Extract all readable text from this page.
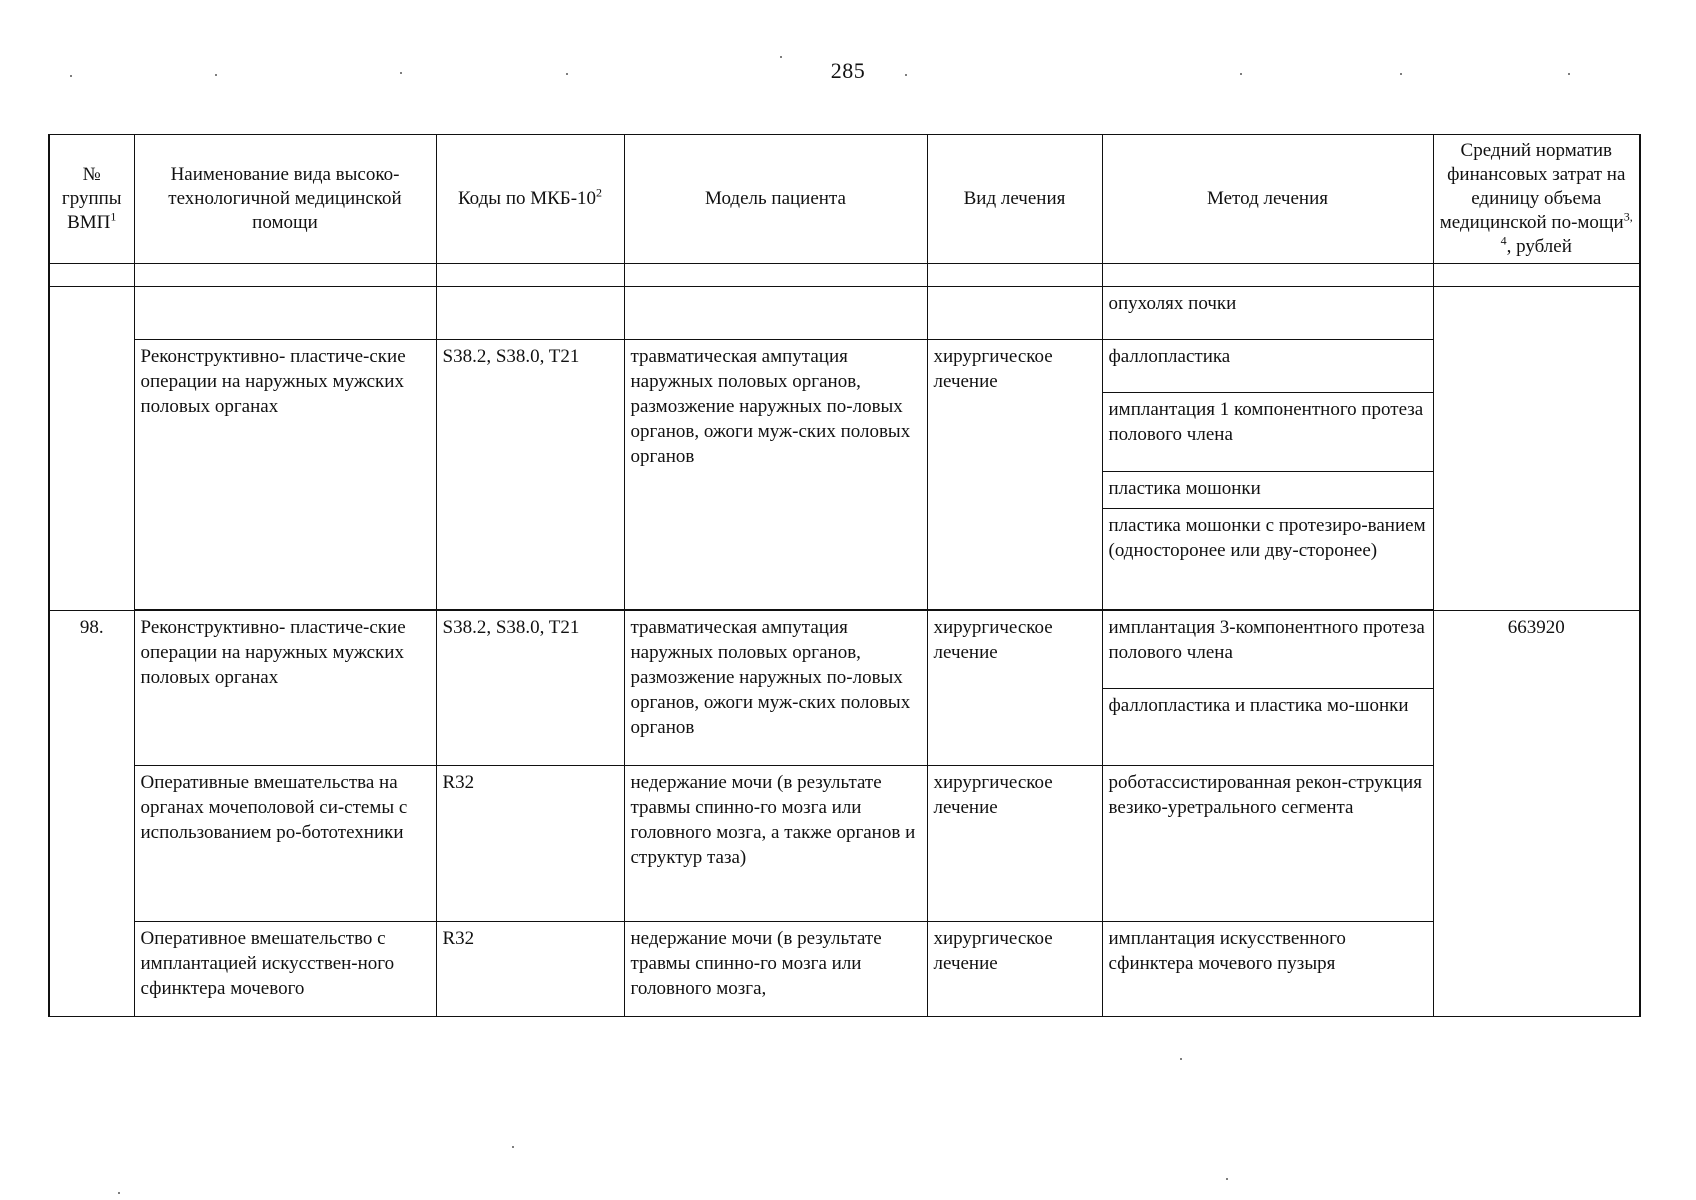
285
№ группы ВМП$^1$	Наименование вида высоко-технологичной медицинской помощи	Коды по МКБ-$10^2$	Модель пациента	Вид лечения	Метод лечения	Средний норматив финансовых затрат на единицу объема медицинской по-мощи$^{3, 4}$, рублей

					опухолях почки	
	Реконструктивно- пластиче-ские операции на наружных мужских половых органах	S38.2, S38.0, T21	травматическая ампутация наружных половых органов, размозжение наружных по-ловых органов, ожоги муж-ских половых органов	хирургическое лечение	фаллопластика	
					имплантация 1 компонентного протеза полового члена	
					пластика мошонки	
					пластика мошонки с протезиро-ванием (односторонее или дву-сторонее)	

98.	Реконструктивно- пластиче-ские операции на наружных мужских половых органах	S38.2, S38.0, T21	травматическая ампутация наружных половых органов, размозжение наружных по-ловых органов, ожоги муж-ских половых органов	хирургическое лечение	имплантация 3-компонентного протеза полового члена	663920
					фаллопластика и пластика мо-шонки	
	Оперативные вмешательства на органах мочеполовой си-стемы с использованием ро-бототехники	R32	недержание мочи (в результате травмы спинно-го мозга или головного мозга, а также органов и структур таза)	хирургическое лечение	роботассистированная рекон-струкция везико-уретрального сегмента	
	Оперативное вмешательство с имплантацией искусствен-ного сфинктера мочевого	R32	недержание мочи (в результате травмы спинно-го мозга или головного мозга,	хирургическое лечение	имплантация искусственного сфинктера мочевого пузыря	
